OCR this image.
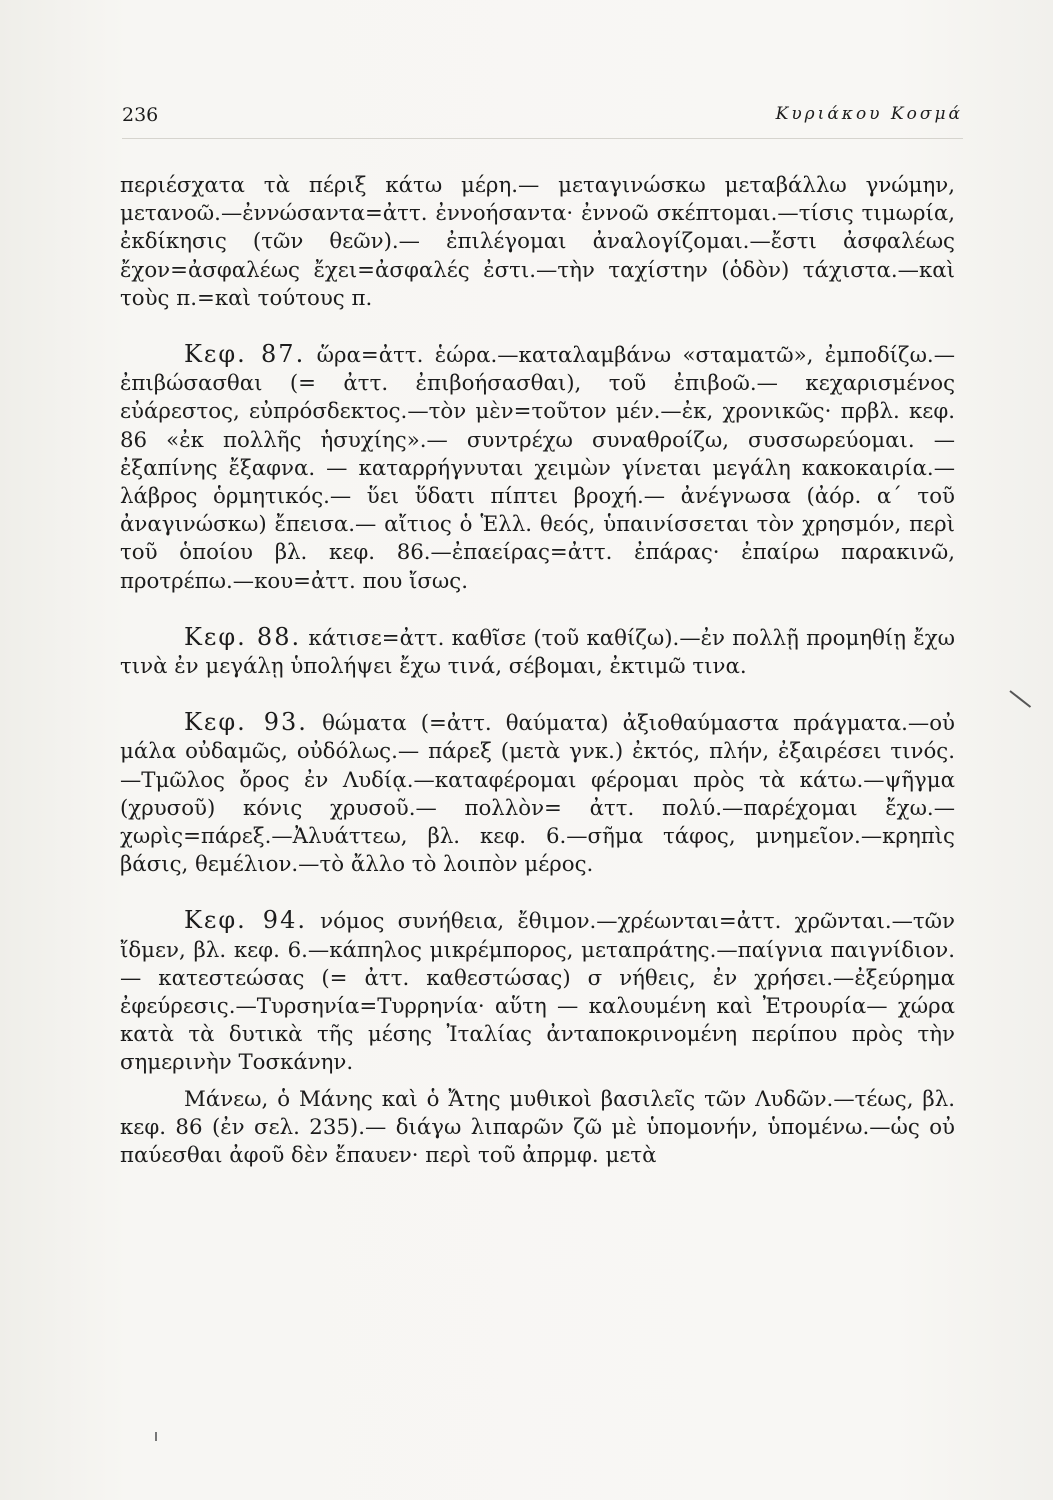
236	Κυριάκου Κοσμά

περιέσχατα τὰ πέριξ κάτω μέρη.— μεταγινώσκω μεταβάλλω γνώμην, μετανοῶ.—ἐννώσαντα=ἀττ. ἐννοήσαντα· ἐννοῶ σκέπτομαι.—τίσις τιμωρία, ἐκδίκησις (τῶν θεῶν).— ἐπιλέγομαι ἀναλογίζομαι.—ἔστι ἀσφαλέως ἔχον=ἀσφαλέως ἔχει=ἀσφαλές ἐστι.—τὴν ταχίστην (ὁδὸν) τάχιστα.—καὶ τοὺς π.=καὶ τούτους π.

Κεφ. 87. ὥρα=ἀττ. ἑώρα.—καταλαμβάνω «σταματῶ», ἐμποδίζω.— ἐπιβώσασθαι (= ἀττ. ἐπιβοήσασθαι), τοῦ ἐπιβοῶ.— κεχαρισμένος εὐάρεστος, εὐπρόσδεκτος.—τὸν μὲν=τοῦτον μέν.—ἐκ, χρονικῶς· πρβλ. κεφ. 86 «ἐκ πολλῆς ἡσυχίης».— συντρέχω συναθροίζω, συσσωρεύομαι. — ἐξαπίνης ἔξαφνα. — καταρρήγνυται χειμὼν γίνεται μεγάλη κακοκαιρία.— λάβρος ὁρμητικός.— ὕει ὕδατι πίπτει βροχή.— ἀνέγνωσα (ἀόρ. α΄ τοῦ ἀναγινώσκω) ἔπεισα.— αἴτιος ὁ Ἑλλ. θεός, ὑπαινίσσεται τὸν χρησμόν, περὶ τοῦ ὁποίου βλ. κεφ. 86.—ἐπαείρας=ἀττ. ἐπάρας· ἐπαίρω παρακινῶ, προτρέπω.—κου=ἀττ. που ἴσως.

Κεφ. 88. κάτισε=ἀττ. καθῖσε (τοῦ καθίζω).—ἐν πολλῇ προμηθίῃ ἔχω τινὰ ἐν μεγάλῃ ὑπολήψει ἔχω τινά, σέβομαι, ἐκτιμῶ τινα.

Κεφ. 93. θώματα (=ἀττ. θαύματα) ἀξιοθαύμαστα πράγματα.—οὐ μάλα οὐδαμῶς, οὐδόλως.— πάρεξ (μετὰ γνκ.) ἐκτός, πλήν, ἐξαιρέσει τινός.—Τμῶλος ὄρος ἐν Λυδίᾳ.—καταφέρομαι φέρομαι πρὸς τὰ κάτω.—ψῆγμα (χρυσοῦ) κόνις χρυσοῦ.— πολλὸν= ἀττ. πολύ.—παρέχομαι ἔχω.—χωρὶς=πάρεξ.—Ἀλυάττεω, βλ. κεφ. 6.—σῆμα τάφος, μνημεῖον.—κρηπὶς βάσις, θεμέλιον.—τὸ ἄλλο τὸ λοιπὸν μέρος.

Κεφ. 94. νόμος συνήθεια, ἔθιμον.—χρέωνται=ἀττ. χρῶνται.—τῶν ἴδμεν, βλ. κεφ. 6.—κάπηλος μικρέμπορος, μεταπράτης.—παίγνια παιγνίδιον.— κατεστεώσας (= ἀττ. καθεστώσας) σ νήθεις, ἐν χρήσει.—ἐξεύρημα ἐφεύρεσις.—Τυρσηνία=Τυρρηνία· αὕτη — καλουμένη καὶ Ἐτρουρία— χώρα κατὰ τὰ δυτικὰ τῆς μέσης Ἰταλίας ἀνταποκρινομένη περίπου πρὸς τὴν σημερινὴν Τοσκάνην.

Μάνεω, ὁ Μάνης καὶ ὁ Ἄτης μυθικοὶ βασιλεῖς τῶν Λυδῶν.—τέως, βλ. κεφ. 86 (ἐν σελ. 235).— διάγω λιπαρῶν ζῶ μὲ ὑπομονήν, ὑπομένω.—ὡς οὐ παύεσθαι ἀφοῦ δὲν ἔπαυεν· περὶ τοῦ ἀπρμφ. μετὰ
